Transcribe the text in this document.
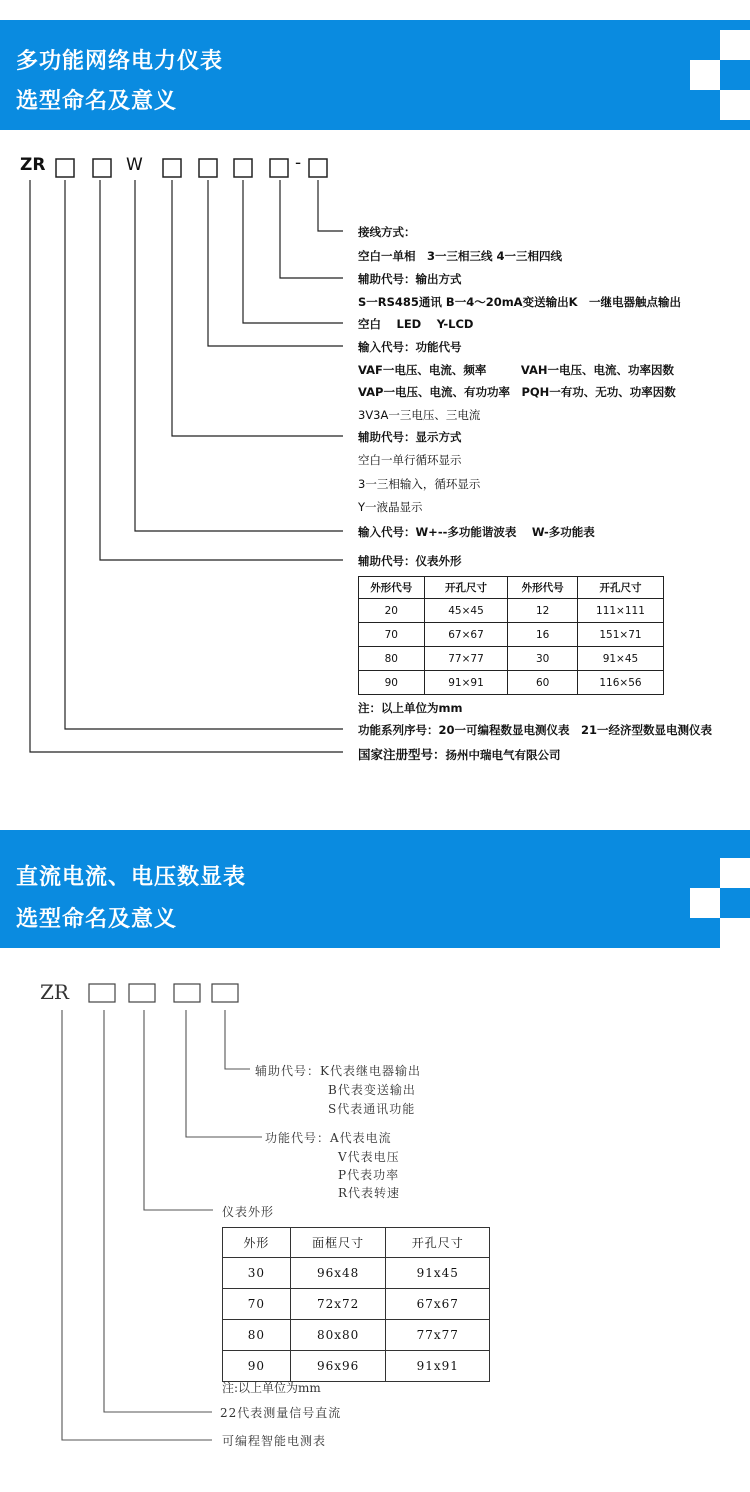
多功能网络电力仪表
选型命名及意义
ZR	W	-
接线方式：
空白一单相　3一三相三线 4一三相四线
辅助代号：输出方式
S一RS485通讯 B一4～20mA变送输出K　一继电器触点输出
空白　 LED　 Y-LCD
输入代号：功能代号
VAF一电压、电流、频率　　　VAH一电压、电流、功率因数
VAP一电压、电流、有功功率　PQH一有功、无功、功率因数
3V3A一三电压、三电流
辅助代号：显示方式
空白一单行循环显示
3一三相输入，循环显示
Y一液晶显示
输入代号：W+--多功能谐波表　 W-多功能表
辅助代号：仪表外形
外形代号	开孔尺寸	外形代号	开孔尺寸
20	45×45	12	111×111
70	67×67	16	151×71
80	77×77	30	91×45
90	91×91	60	116×56
注：以上单位为mm
功能系列序号：20一可编程数显电测仪表　21一经济型数显电测仪表
国家注册型号：扬州中瑞电气有限公司
直流电流、电压数显表
选型命名及意义
ZR
辅助代号：K代表继电器输出
B代表变送输出
S代表通讯功能
功能代号：A代表电流
V代表电压
P代表功率
R代表转速
仪表外形
外形	面框尺寸	开孔尺寸
30	96x48	91x45
70	72x72	67x67
80	80x80	77x77
90	96x96	91x91
注:以上单位为mm
22代表测量信号直流
可编程智能电测表
